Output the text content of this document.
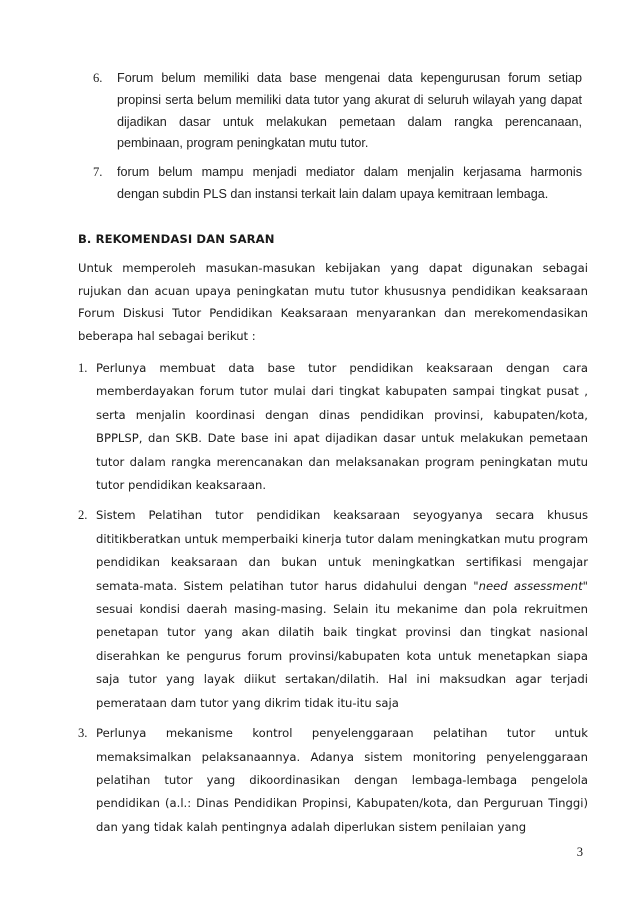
6. Forum belum memiliki data base mengenai data kepengurusan forum setiap propinsi serta belum memiliki data tutor yang akurat di seluruh wilayah yang dapat dijadikan dasar untuk melakukan pemetaan dalam rangka perencanaan, pembinaan, program peningkatan mutu tutor.
7. forum belum mampu menjadi mediator dalam menjalin kerjasama harmonis dengan subdin PLS dan instansi terkait lain dalam upaya kemitraan lembaga.
B. REKOMENDASI DAN SARAN
Untuk memperoleh masukan-masukan kebijakan yang dapat digunakan sebagai rujukan dan acuan upaya peningkatan mutu tutor khususnya pendidikan keaksaraan Forum Diskusi Tutor Pendidikan Keaksaraan menyarankan dan merekomendasikan beberapa hal sebagai berikut :
1. Perlunya membuat data base tutor pendidikan keaksaraan dengan cara memberdayakan forum tutor mulai dari tingkat kabupaten sampai tingkat pusat , serta menjalin koordinasi dengan dinas pendidikan provinsi, kabupaten/kota, BPPLSP, dan SKB. Date base ini apat dijadikan dasar untuk melakukan pemetaan tutor dalam rangka merencanakan dan melaksanakan program peningkatan mutu tutor pendidikan keaksaraan.
2. Sistem Pelatihan tutor pendidikan keaksaraan seyogyanya secara khusus dititikberatkan untuk memperbaiki kinerja tutor dalam meningkatkan mutu program pendidikan keaksaraan dan bukan untuk meningkatkan sertifikasi mengajar semata-mata. Sistem pelatihan tutor harus didahului dengan "need assessment" sesuai kondisi daerah masing-masing. Selain itu mekanime dan pola rekruitmen penetapan tutor yang akan dilatih baik tingkat provinsi dan tingkat nasional diserahkan ke pengurus forum provinsi/kabupaten kota untuk menetapkan siapa saja tutor yang layak diikut sertakan/dilatih. Hal ini maksudkan agar terjadi pemerataan dam tutor yang dikrim tidak itu-itu saja
3. Perlunya mekanisme kontrol penyelenggaraan pelatihan tutor untuk memaksimalkan pelaksanaannya. Adanya sistem monitoring penyelenggaraan pelatihan tutor yang dikoordinasikan dengan lembaga-lembaga pengelola pendidikan (a.l.: Dinas Pendidikan Propinsi, Kabupaten/kota, dan Perguruan Tinggi) dan yang tidak kalah pentingnya adalah diperlukan sistem penilaian yang
3
